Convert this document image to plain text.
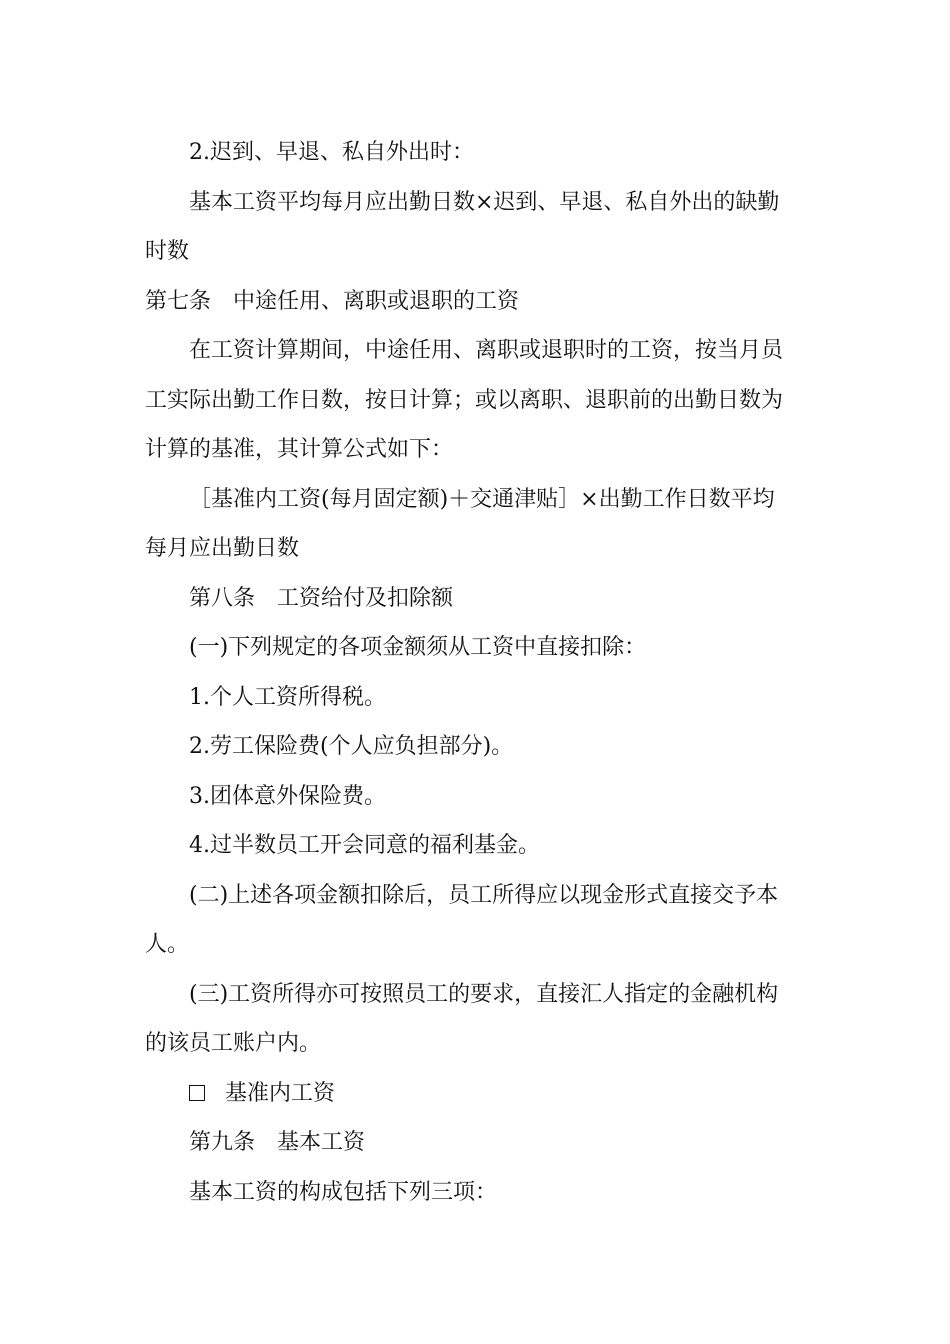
2.迟到、早退、私自外出时：

基本工资平均每月应出勤日数×迟到、早退、私自外出的缺勤时数

第七条　中途任用、离职或退职的工资

在工资计算期间，中途任用、离职或退职时的工资，按当月员工实际出勤工作日数，按日计算；或以离职、退职前的出勤日数为计算的基准，其计算公式如下：

［基准内工资(每月固定额)＋交通津贴］×出勤工作日数平均每月应出勤日数

第八条　工资给付及扣除额

(一)下列规定的各项金额须从工资中直接扣除：

1.个人工资所得税。

2.劳工保险费(个人应负担部分)。

3.团体意外保险费。

4.过半数员工开会同意的福利基金。

(二)上述各项金额扣除后，员工所得应以现金形式直接交予本人。

(三)工资所得亦可按照员工的要求，直接汇人指定的金融机构的该员工账户内。

基准内工资

第九条　基本工资

基本工资的构成包括下列三项：
